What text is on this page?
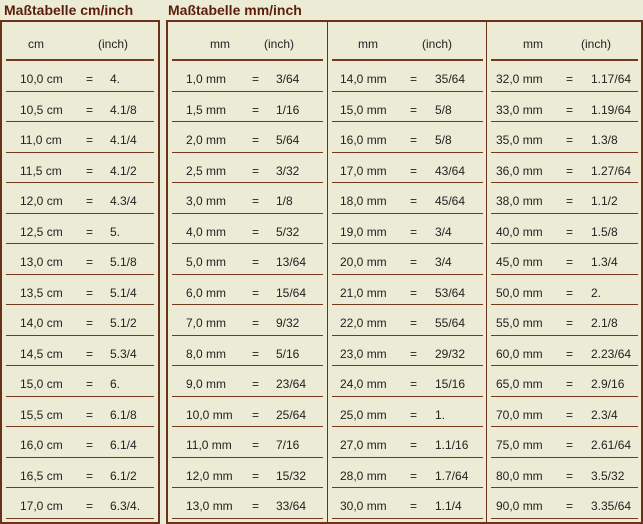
Maßtabelle cm/inch Maßtabelle mm/inch
cm	(inch)
10,0 cm = 4.
10,5 cm = 4.1/8
11,0 cm = 4.1/4
11,5 cm = 4.1/2
12,0 cm = 4.3/4
12,5 cm = 5.
13,0 cm = 5.1/8
13,5 cm = 5.1/4
14,0 cm = 5.1/2
14,5 cm = 5.3/4
15,0 cm = 6.
15,5 cm = 6.1/8
16,0 cm = 6.1/4
16,5 cm = 6.1/2
17,0 cm = 6.3/4.
mm	(inch)
1,0 mm = 3/64
1,5 mm = 1/16
2,0 mm = 5/64
2,5 mm = 3/32
3,0 mm = 1/8
4,0 mm = 5/32
5,0 mm = 13/64
6,0 mm = 15/64
7,0 mm = 9/32
8,0 mm = 5/16
9,0 mm = 23/64
10,0 mm = 25/64
11,0 mm = 7/16
12,0 mm = 15/32
13,0 mm = 33/64
mm	(inch)
14,0 mm = 35/64
15,0 mm = 5/8
16,0 mm = 5/8
17,0 mm = 43/64
18,0 mm = 45/64
19,0 mm = 3/4
20,0 mm = 3/4
21,0 mm = 53/64
22,0 mm = 55/64
23,0 mm = 29/32
24,0 mm = 15/16
25,0 mm = 1.
27,0 mm = 1.1/16
28,0 mm = 1.7/64
30,0 mm = 1.1/4
mm	(inch)
32,0 mm = 1.17/64
33,0 mm = 1.19/64
35,0 mm = 1.3/8
36,0 mm = 1.27/64
38,0 mm = 1.1/2
40,0 mm = 1.5/8
45,0 mm = 1.3/4
50,0 mm = 2.
55,0 mm = 2.1/8
60,0 mm = 2.23/64
65,0 mm = 2.9/16
70,0 mm = 2.3/4
75,0 mm = 2.61/64
80,0 mm = 3.5/32
90,0 mm = 3.35/64
